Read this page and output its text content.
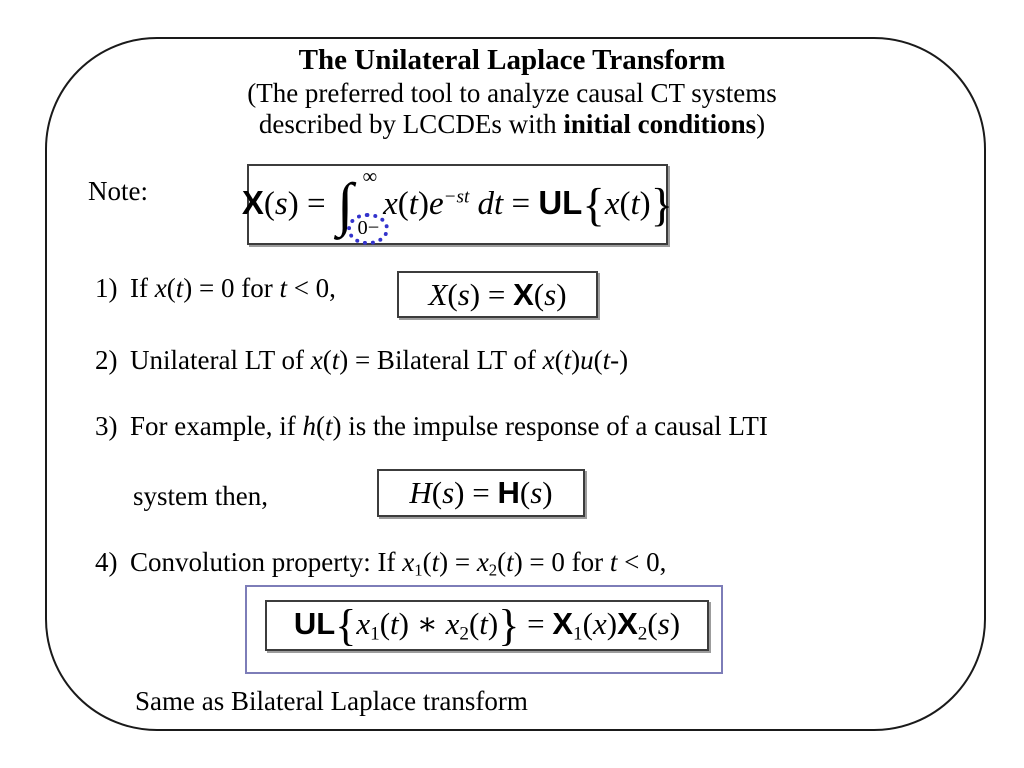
The Unilateral Laplace Transform
(The preferred tool to analyze causal CT systems
described by LCCDEs with initial conditions)
Note:	X(s) = ∫ ∞
0−
$x(t)e^{-st}$ dt = UL{x(t)}
1) If x(t) = 0 for t < 0,	X(s) = X(s)
2) Unilateral LT of x(t) = Bilateral LT of x(t)u(t-)
3) For example, if h(t) is the impulse response of a causal LTI
system then,	H(s) = H(s)
4) Convolution property: If x1(t) = x2(t) = 0 for t < 0,
UL{x1(t) ∗ x2(t)} = X1(x)X2(s)
Same as Bilateral Laplace transform
